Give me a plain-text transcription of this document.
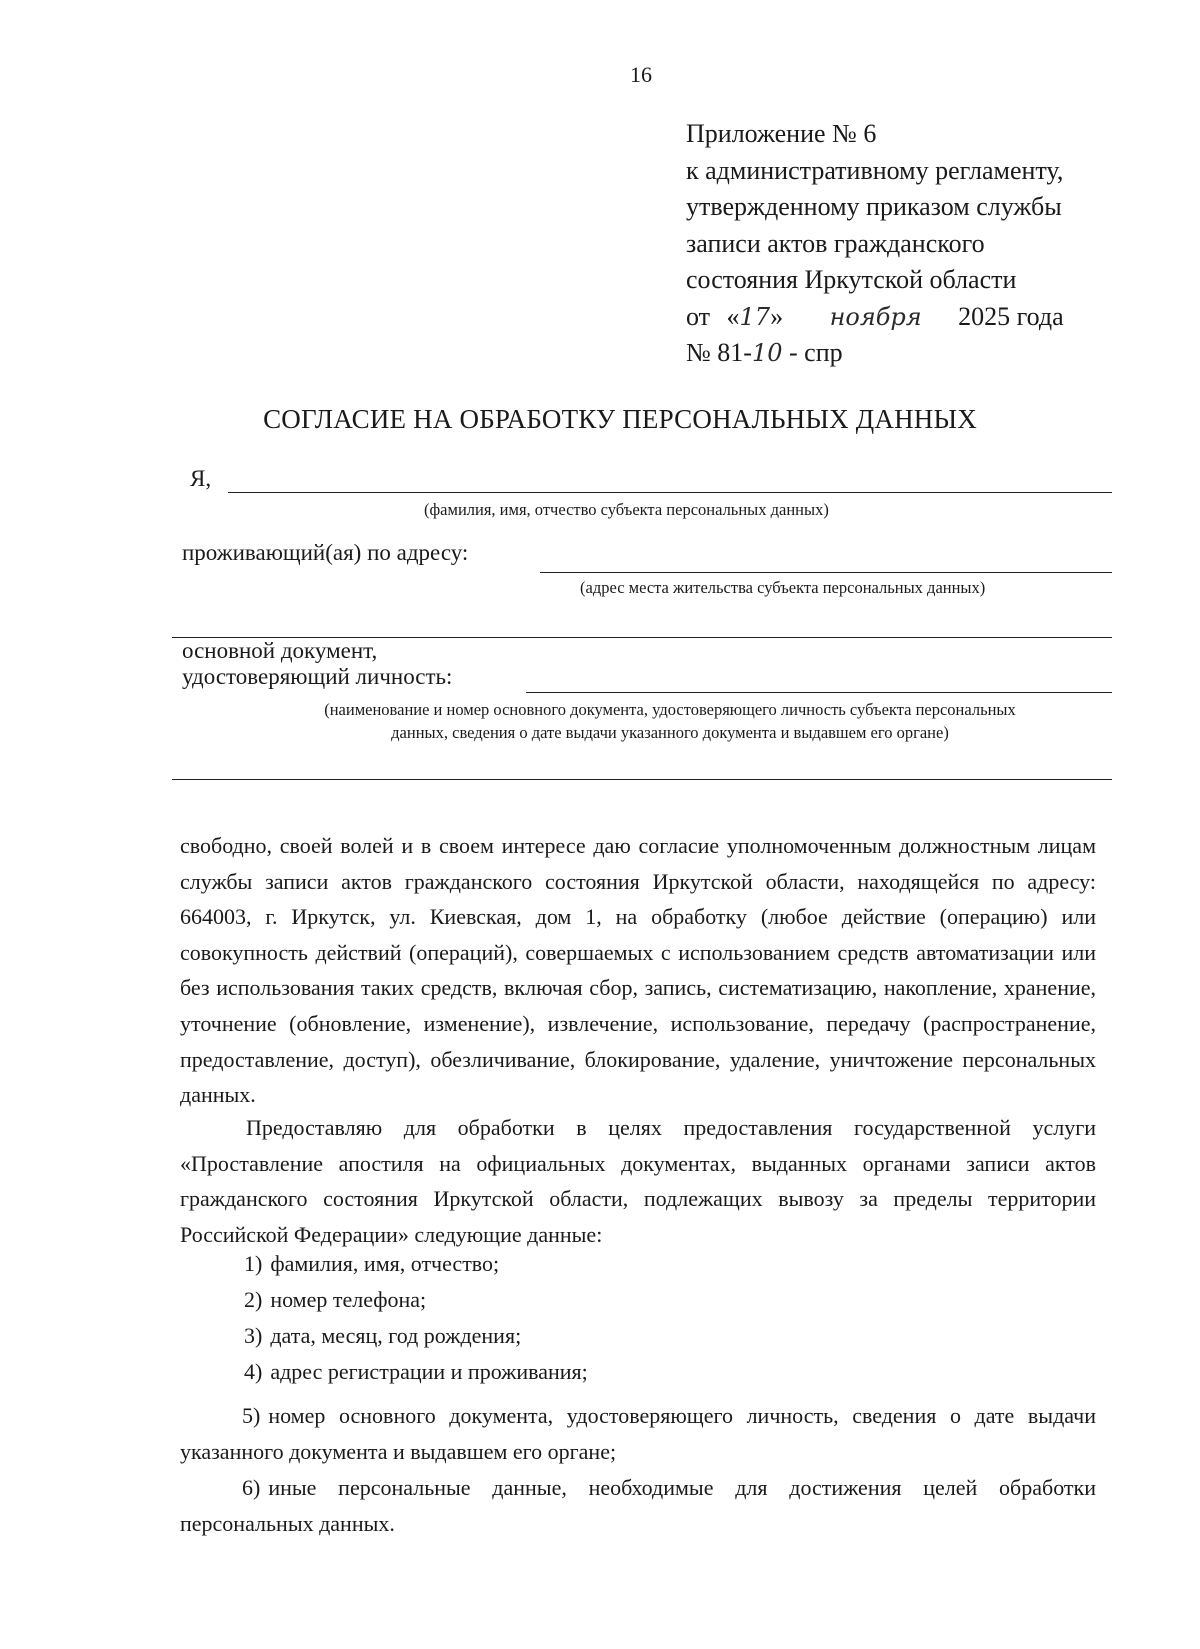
16
Приложение № 6
к административному регламенту,
утвержденному приказом службы
записи актов гражданского
состояния Иркутской области
от «17» ноября 2025 года
№ 81-10 - спр
СОГЛАСИЕ НА ОБРАБОТКУ ПЕРСОНАЛЬНЫХ ДАННЫХ
Я,
(фамилия, имя, отчество субъекта персональных данных)
проживающий(ая) по адресу:
(адрес места жительства субъекта персональных данных)
основной документ,
удостоверяющий личность:
(наименование и номер основного документа, удостоверяющего личность субъекта персональных
данных, сведения о дате выдачи указанного документа и выдавшем его органе)
свободно, своей волей и в своем интересе даю согласие уполномоченным должностным лицам службы записи актов гражданского состояния Иркутской области, находящейся по адресу: 664003, г. Иркутск, ул. Киевская, дом 1, на обработку (любое действие (операцию) или совокупность действий (операций), совершаемых с использованием средств автоматизации или без использования таких средств, включая сбор, запись, систематизацию, накопление, хранение, уточнение (обновление, изменение), извлечение, использование, передачу (распространение, предоставление, доступ), обезличивание, блокирование, удаление, уничтожение персональных данных.
Предоставляю для обработки в целях предоставления государственной услуги «Проставление апостиля на официальных документах, выданных органами записи актов гражданского состояния Иркутской области, подлежащих вывозу за пределы территории Российской Федерации» следующие данные:
1) фамилия, имя, отчество;
2) номер телефона;
3) дата, месяц, год рождения;
4) адрес регистрации и проживания;
5) номер основного документа, удостоверяющего личность, сведения о дате выдачи указанного документа и выдавшем его органе;
6) иные персональные данные, необходимые для достижения целей обработки персональных данных.
